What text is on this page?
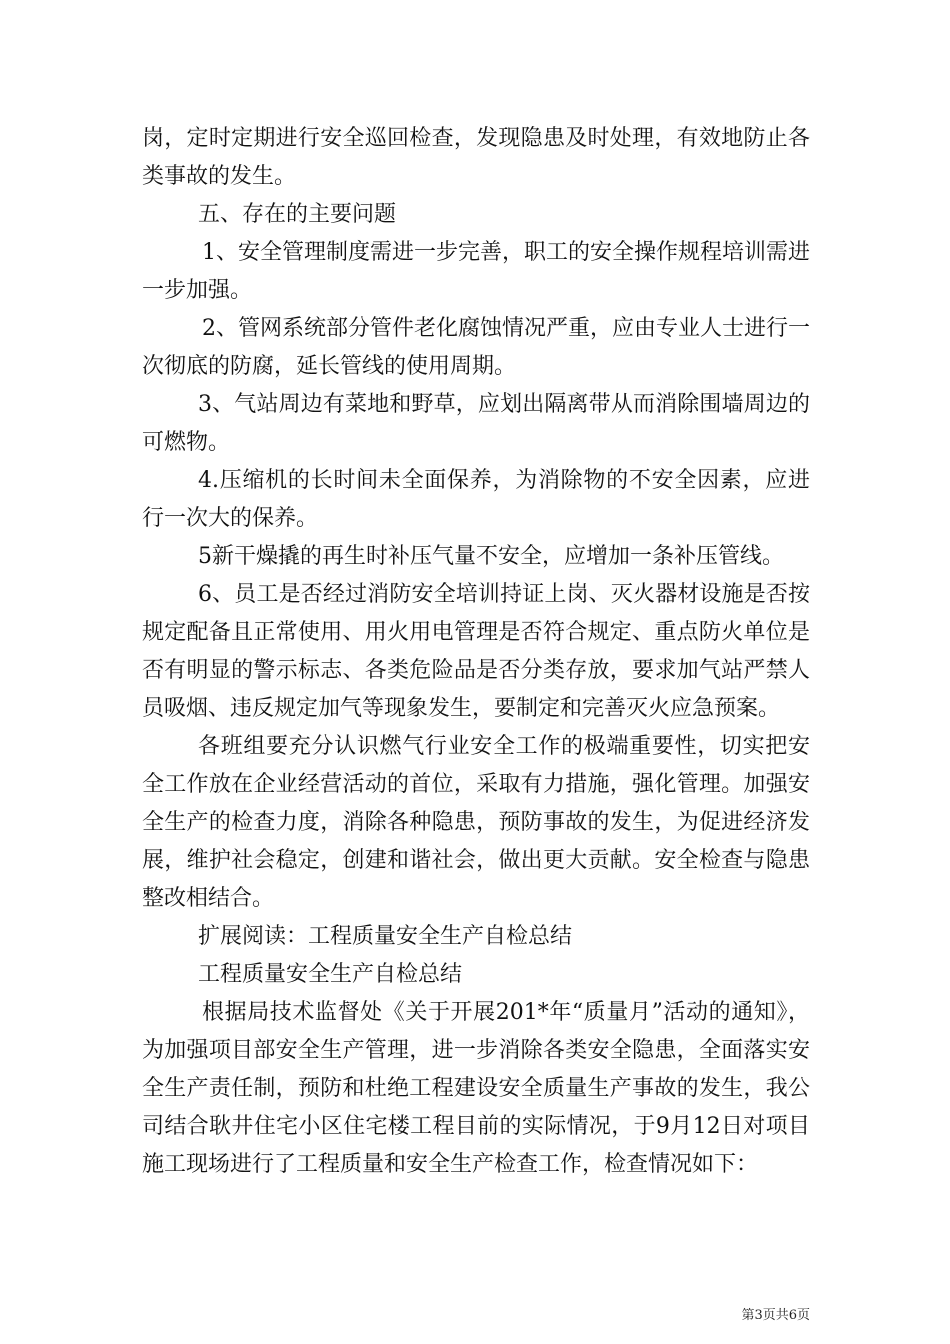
岗，定时定期进行安全巡回检查，发现隐患及时处理，有效地防止各类事故的发生。

五、存在的主要问题

1、安全管理制度需进一步完善，职工的安全操作规程培训需进一步加强。

2、管网系统部分管件老化腐蚀情况严重，应由专业人士进行一次彻底的防腐，延长管线的使用周期。

3、气站周边有菜地和野草，应划出隔离带从而消除围墙周边的可燃物。

4.压缩机的长时间未全面保养，为消除物的不安全因素，应进行一次大的保养。

5新干燥撬的再生时补压气量不安全，应增加一条补压管线。

6、员工是否经过消防安全培训持证上岗、灭火器材设施是否按规定配备且正常使用、用火用电管理是否符合规定、重点防火单位是否有明显的警示标志、各类危险品是否分类存放，要求加气站严禁人员吸烟、违反规定加气等现象发生，要制定和完善灭火应急预案。

各班组要充分认识燃气行业安全工作的极端重要性，切实把安全工作放在企业经营活动的首位，采取有力措施，强化管理。加强安全生产的检查力度，消除各种隐患，预防事故的发生，为促进经济发展，维护社会稳定，创建和谐社会，做出更大贡献。安全检查与隐患整改相结合。

扩展阅读：工程质量安全生产自检总结

工程质量安全生产自检总结

根据局技术监督处《关于开展201*年“质量月”活动的通知》，为加强项目部安全生产管理，进一步消除各类安全隐患，全面落实安全生产责任制，预防和杜绝工程建设安全质量生产事故的发生，我公司结合耿井住宅小区住宅楼工程目前的实际情况，于9月12日对项目施工现场进行了工程质量和安全生产检查工作，检查情况如下：

第3页共6页
